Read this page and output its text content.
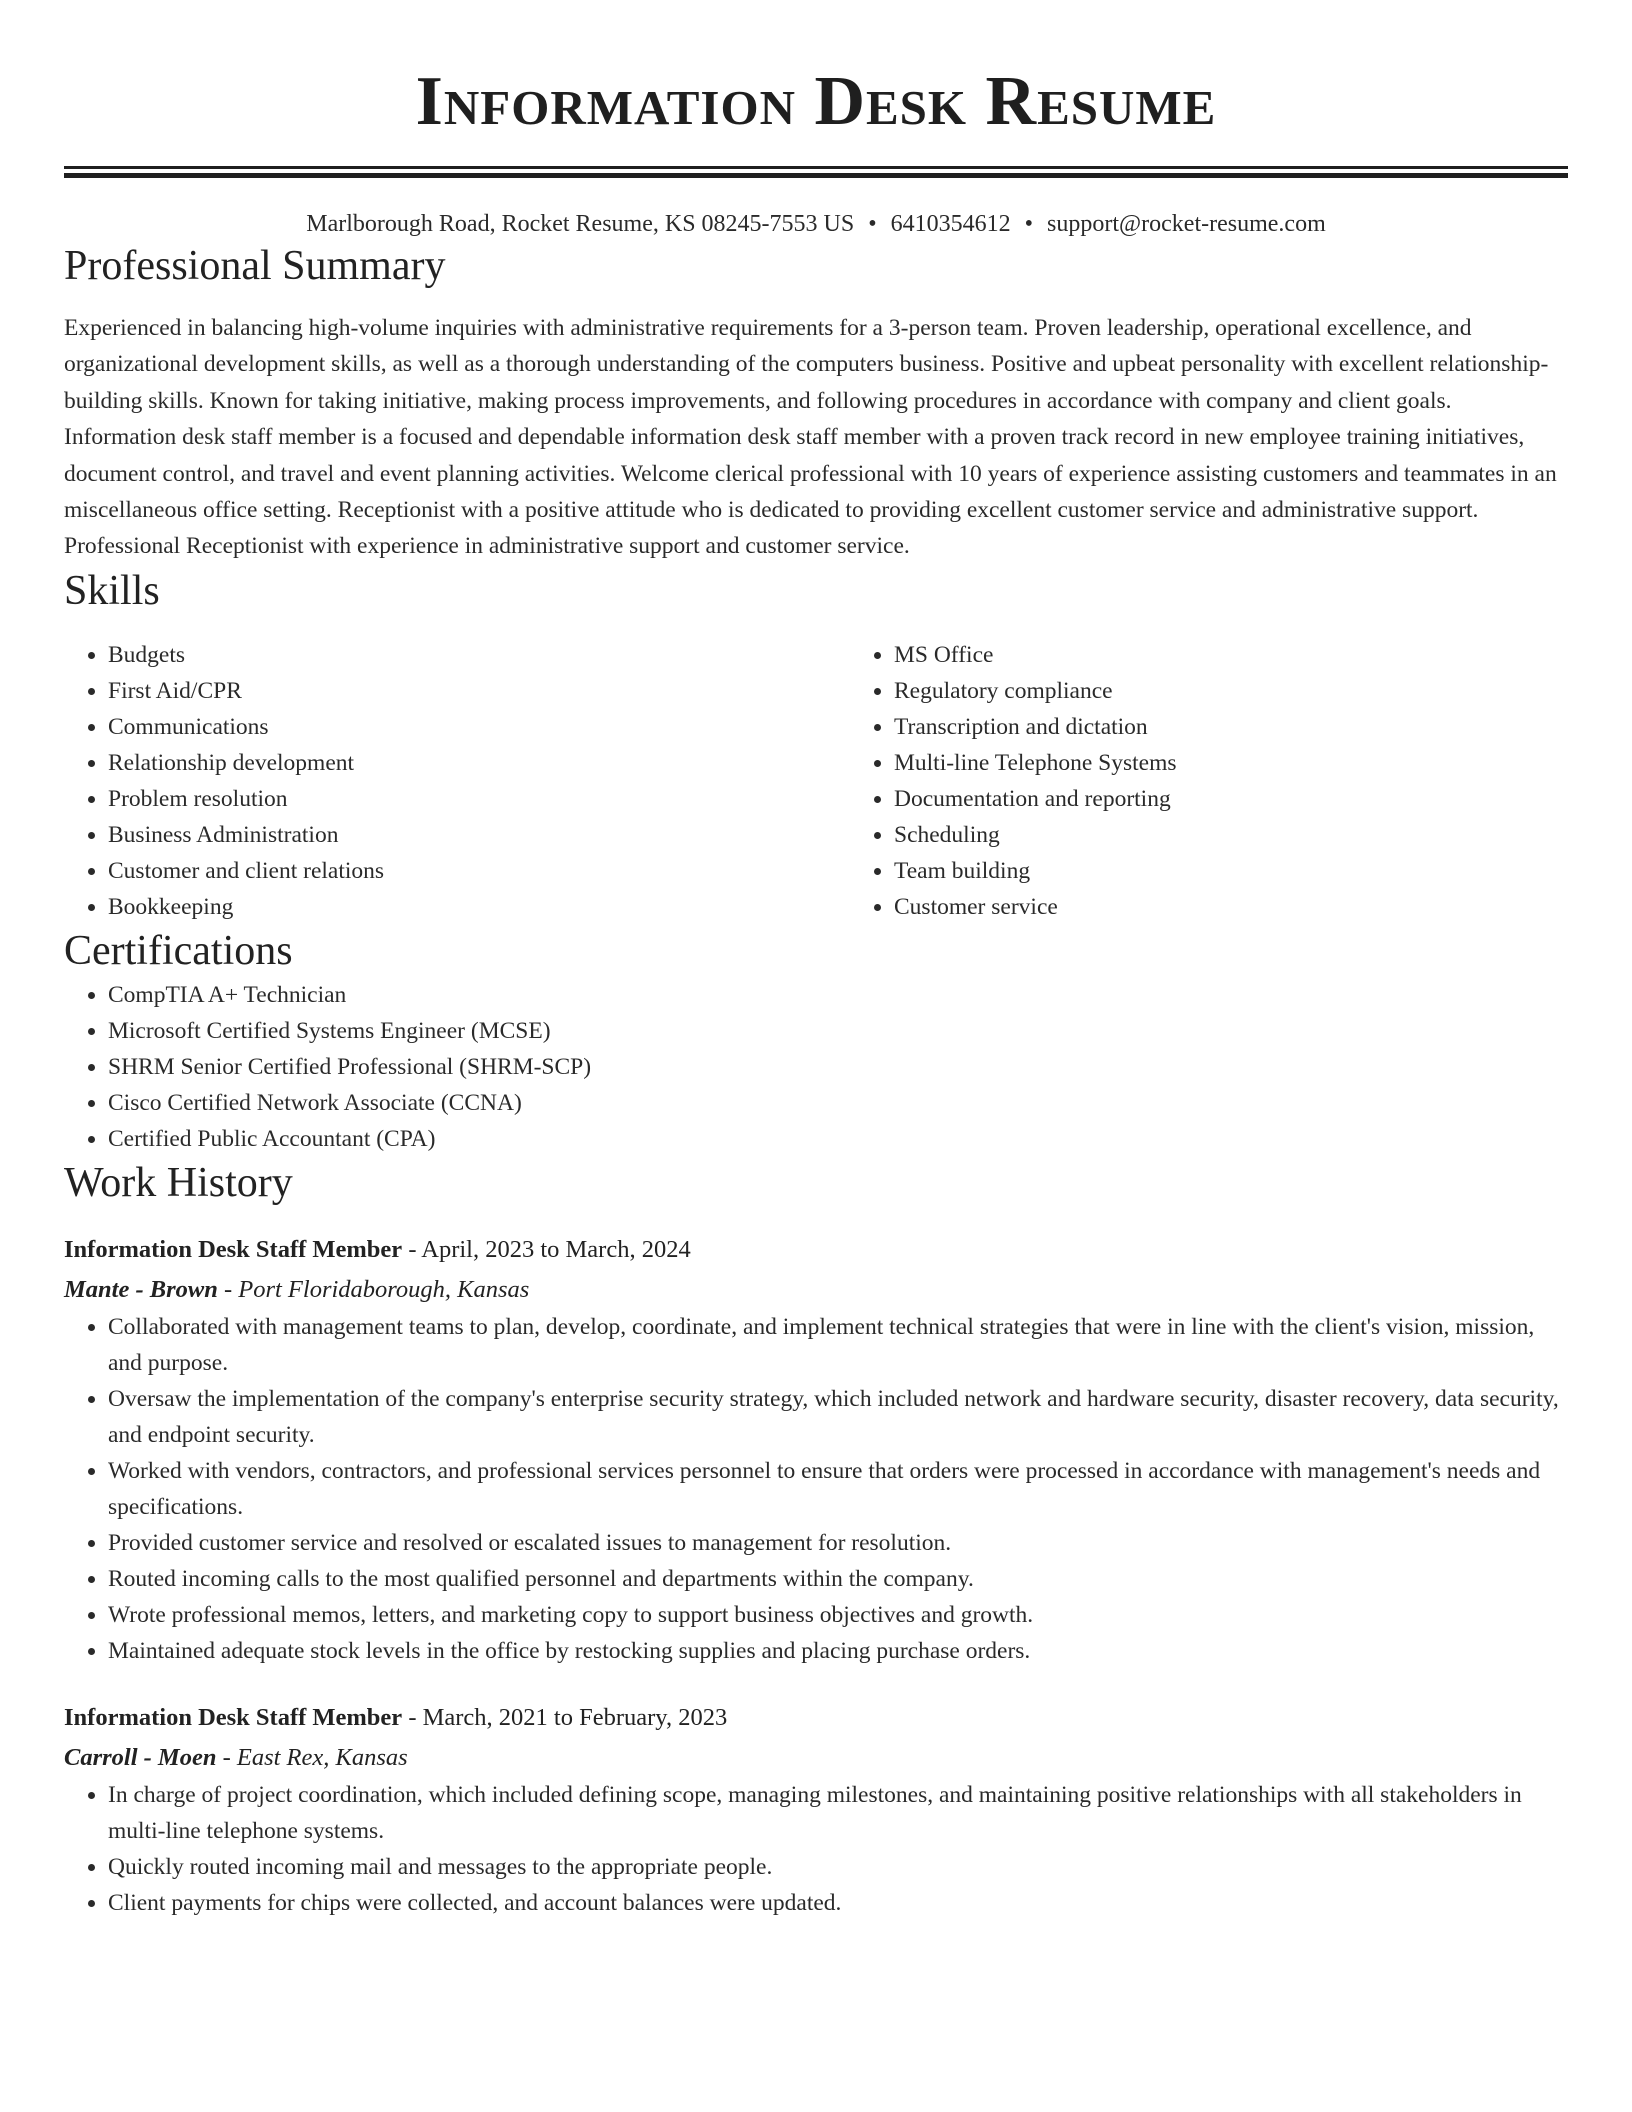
Information Desk Resume
Marlborough Road, Rocket Resume, KS 08245-7553 US • 6410354612 • support@rocket-resume.com
Professional Summary

Experienced in balancing high-volume inquiries with administrative requirements for a 3-person team. Proven leadership, operational excellence, and organizational development skills, as well as a thorough understanding of the computers business. Positive and upbeat personality with excellent relationship-building skills. Known for taking initiative, making process improvements, and following procedures in accordance with company and client goals. Information desk staff member is a focused and dependable information desk staff member with a proven track record in new employee training initiatives, document control, and travel and event planning activities. Welcome clerical professional with 10 years of experience assisting customers and teammates in an miscellaneous office setting. Receptionist with a positive attitude who is dedicated to providing excellent customer service and administrative support. Professional Receptionist with experience in administrative support and customer service.

Skills
• Budgets
• First Aid/CPR
• Communications
• Relationship development
• Problem resolution
• Business Administration
• Customer and client relations
• Bookkeeping
• MS Office
• Regulatory compliance
• Transcription and dictation
• Multi-line Telephone Systems
• Documentation and reporting
• Scheduling
• Team building
• Customer service
Certifications
• CompTIA A+ Technician
• Microsoft Certified Systems Engineer (MCSE)
• SHRM Senior Certified Professional (SHRM-SCP)
• Cisco Certified Network Associate (CCNA)
• Certified Public Accountant (CPA)
Work History
Information Desk Staff Member - April, 2023 to March, 2024
Mante - Brown - Port Floridaborough, Kansas
• Collaborated with management teams to plan, develop, coordinate, and implement technical strategies that were in line with the client's vision, mission, and purpose.
• Oversaw the implementation of the company's enterprise security strategy, which included network and hardware security, disaster recovery, data security, and endpoint security.
• Worked with vendors, contractors, and professional services personnel to ensure that orders were processed in accordance with management's needs and specifications.
• Provided customer service and resolved or escalated issues to management for resolution.
• Routed incoming calls to the most qualified personnel and departments within the company.
• Wrote professional memos, letters, and marketing copy to support business objectives and growth.
• Maintained adequate stock levels in the office by restocking supplies and placing purchase orders.
Information Desk Staff Member - March, 2021 to February, 2023
Carroll - Moen - East Rex, Kansas
• In charge of project coordination, which included defining scope, managing milestones, and maintaining positive relationships with all stakeholders in multi-line telephone systems.
• Quickly routed incoming mail and messages to the appropriate people.
• Client payments for chips were collected, and account balances were updated.
